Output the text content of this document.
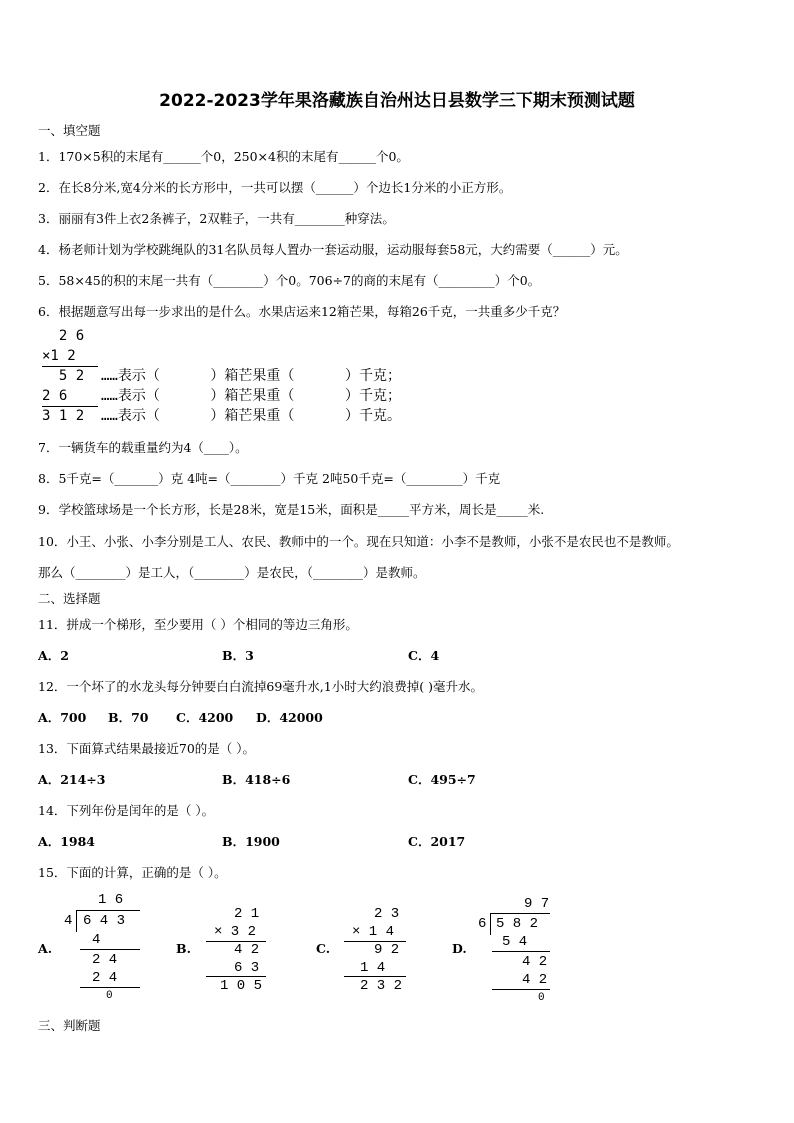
2022-2023学年果洛藏族自治州达日县数学三下期末预测试题
一、填空题
1．170×5积的末尾有______个0，250×4积的末尾有______个0。
2．在长8分米,宽4分米的长方形中，一共可以摆（______）个边长1分米的小正方形。
3．丽丽有3件上衣2条裤子，2双鞋子，一共有________种穿法。
4．杨老师计划为学校跳绳队的31名队员每人置办一套运动服，运动服每套58元，大约需要（______）元。
5．58×45的积的末尾一共有（________）个0。706÷7的商的末尾有（_________）个0。
6．根据题意写出每一步求出的是什么。水果店运来12箱芒果，每箱26千克，一共重多少千克？
2 6
×1 2
5 2  ……表示（      ）箱芒果重（      ）千克；
2 6    ……表示（      ）箱芒果重（      ）千克；
3 1 2  ……表示（      ）箱芒果重（      ）千克。
7．一辆货车的载重量约为4（____）。
8．5千克=（_______）克 4吨=（________）千克 2吨50千克=（_________）千克
9．学校篮球场是一个长方形，长是28米，宽是15米，面积是_____平方米，周长是_____米.
10．小王、小张、小李分别是工人、农民、教师中的一个。现在只知道：小李不是教师，小张不是农民也不是教师。
那么（________）是工人，（________）是农民，（________）是教师。
二、选择题
11．拼成一个梯形，至少要用（ ）个相同的等边三角形。
A．2	B．3	C．4
12．一个坏了的水龙头每分钟要白白流掉69毫升水,1小时大约浪费掉( )毫升水。
A．700 B．70 C．4200 D．42000
13．下面算式结果最接近70的是（ ）。
A．214÷3	B．418÷6	C．495÷7
14．下列年份是闰年的是（ ）。
A．1984	B．1900	C．2017
15．下面的计算，正确的是（ ）。
A.
1 6
4 6 4 3
4
2 4
2 4
0
B.
2 1
× 3 2
4 2
6 3
1 0 5
C.
2 3
× 1 4
9 2
1 4
2 3 2
D.
9 7
6 5 8 2
5 4
4 2
4 2
0
三、判断题
